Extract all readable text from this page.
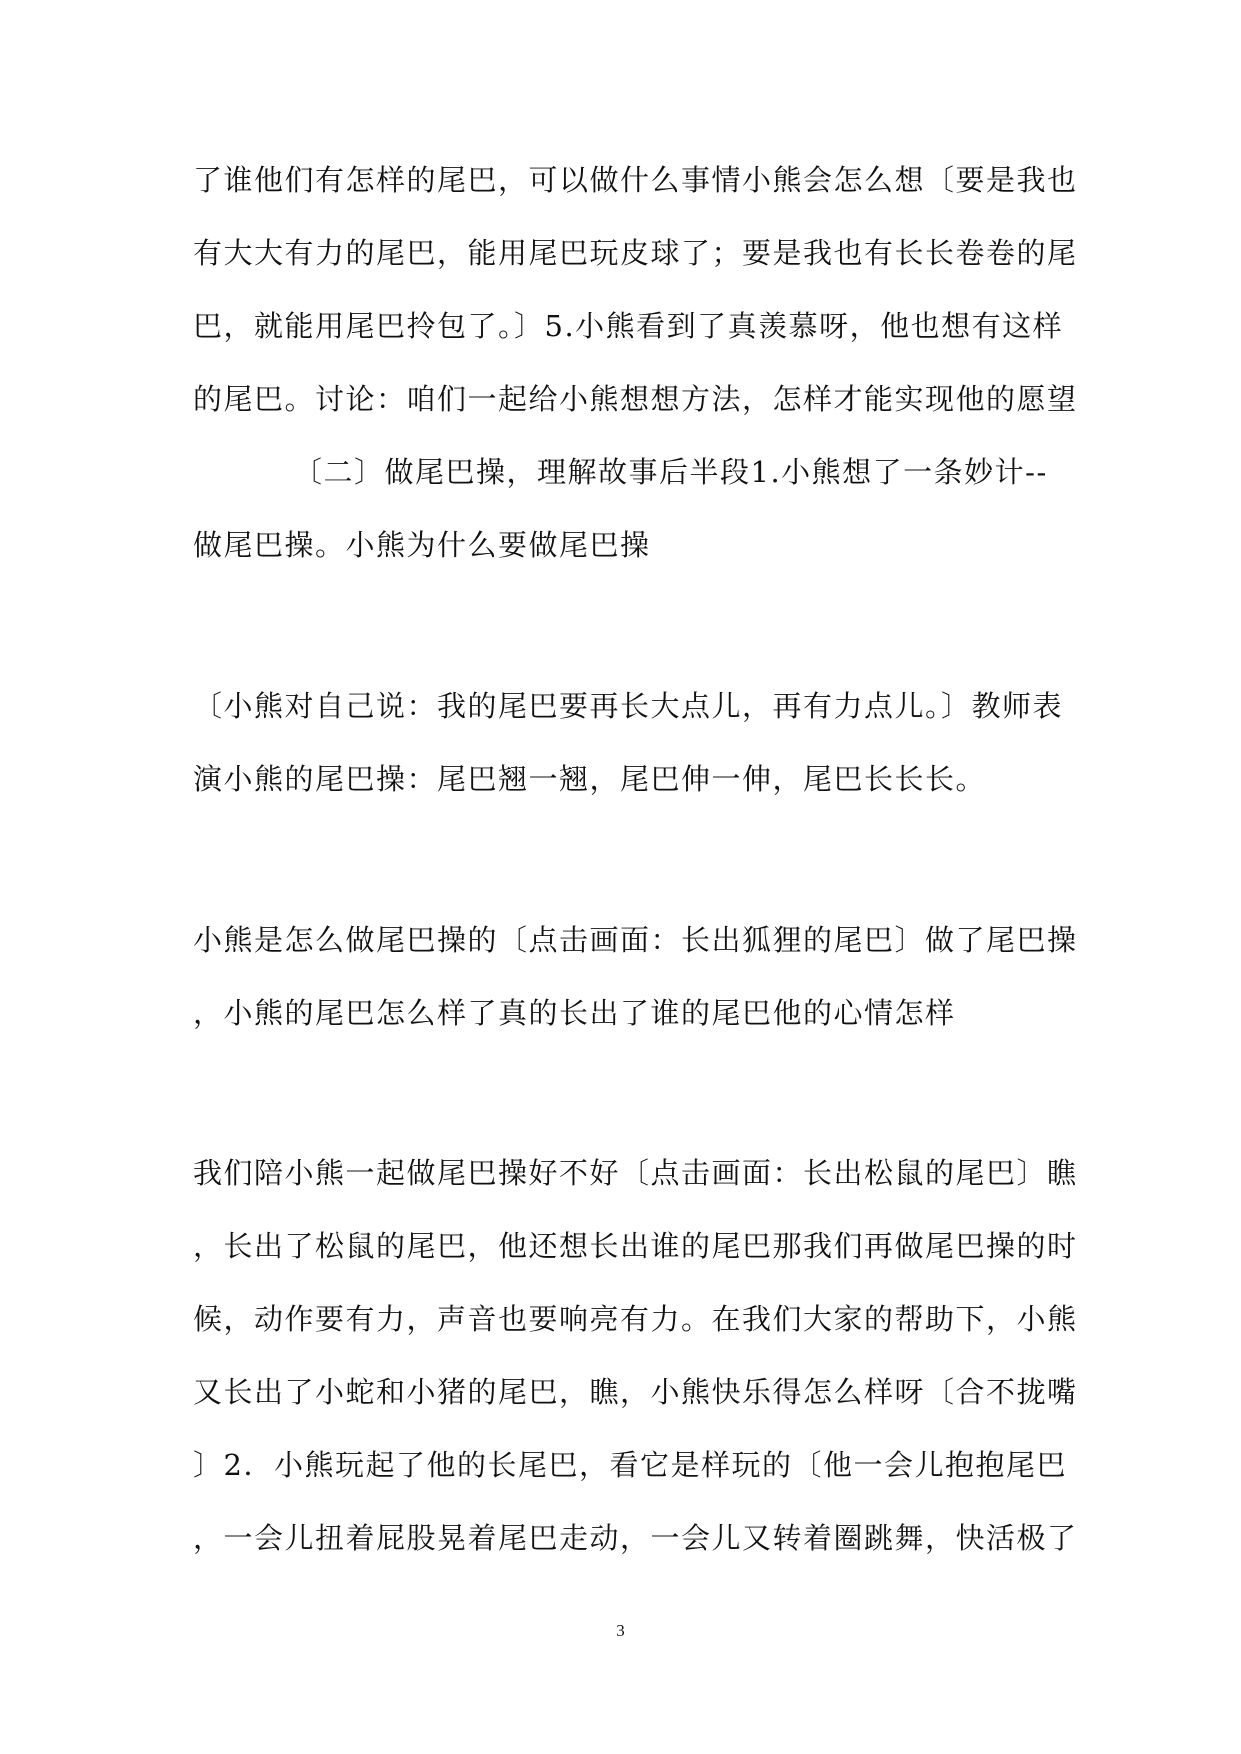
了谁他们有怎样的尾巴，可以做什么事情小熊会怎么想〔要是我也
有大大有力的尾巴，能用尾巴玩皮球了；要是我也有长长卷卷的尾
巴，就能用尾巴拎包了。〕5.小熊看到了真羡慕呀，他也想有这样
的尾巴。讨论：咱们一起给小熊想想方法，怎样才能实现他的愿望
〔二〕做尾巴操，理解故事后半段1.小熊想了一条妙计--
做尾巴操。小熊为什么要做尾巴操
〔小熊对自己说：我的尾巴要再长大点儿，再有力点儿。〕教师表
演小熊的尾巴操：尾巴翘一翘，尾巴伸一伸，尾巴长长长。
小熊是怎么做尾巴操的〔点击画面：长出狐狸的尾巴〕做了尾巴操
，小熊的尾巴怎么样了真的长出了谁的尾巴他的心情怎样
我们陪小熊一起做尾巴操好不好〔点击画面：长出松鼠的尾巴〕瞧
，长出了松鼠的尾巴，他还想长出谁的尾巴那我们再做尾巴操的时
候，动作要有力，声音也要响亮有力。在我们大家的帮助下，小熊
又长出了小蛇和小猪的尾巴，瞧，小熊快乐得怎么样呀〔合不拢嘴
〕2．小熊玩起了他的长尾巴，看它是样玩的〔他一会儿抱抱尾巴
，一会儿扭着屁股晃着尾巴走动，一会儿又转着圈跳舞，快活极了
3
